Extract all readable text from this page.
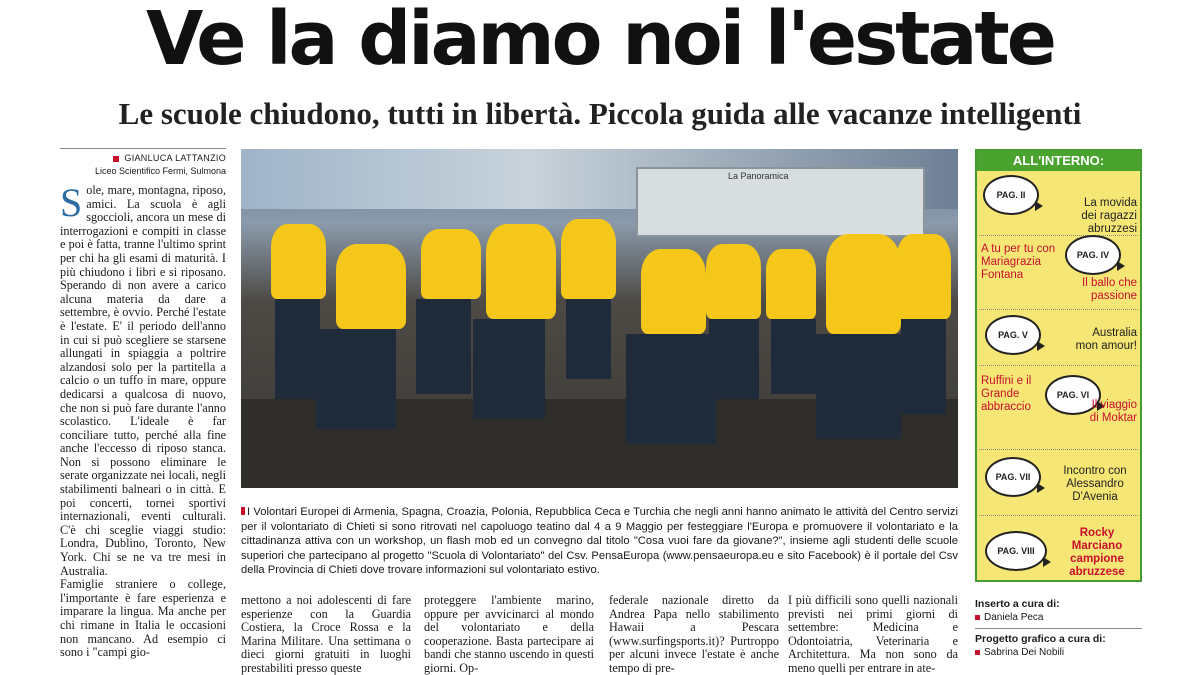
Ve la diamo noi l'estate
Le scuole chiudono, tutti in libertà. Piccola guida alle vacanze intelligenti
GIANLUCA LATTANZIO
Liceo Scientifico Fermi, Sulmona
S ole, mare, montagna, riposo, amici. La scuola è agli sgoccioli, ancora un mese di interrogazioni e compiti in classe e poi è fatta, tranne l'ultimo sprint per chi ha gli esami di maturità. I più chiudono i libri e si riposano. Sperando di non avere a carico alcuna materia da dare a settembre, è ovvio. Perché l'estate è l'estate. E' il periodo dell'anno in cui si può scegliere se starsene allungati in spiaggia a poltrire alzandosi solo per la partitella a calcio o un tuffo in mare, oppure dedicarsi a qualcosa di nuovo, che non si può fare durante l'anno scolastico. L'ideale è far conciliare tutto, perché alla fine anche l'eccesso di riposo stanca. Non si possono eliminare le serate organizzate nei locali, negli stabilimenti balneari o in città. E poi concerti, tornei sportivi internazionali, eventi culturali. C'è chi sceglie viaggi studio: Londra, Dublino, Toronto, New York. Chi se ne va tre mesi in Australia.

Famiglie straniere o college, l'importante è fare esperienza e imparare la lingua. Ma anche per chi rimane in Italia le occasioni non mancano. Ad esempio ci sono i "campi gio-

La Panoramica
I Volontari Europei di Armenia, Spagna, Croazia, Polonia, Repubblica Ceca e Turchia che negli anni hanno animato le attività del Centro servizi per il volontariato di Chieti si sono ritrovati nel capoluogo teatino dal 4 a 9 Maggio per festeggiare l'Europa e promuovere il volontariato e la cittadinanza attiva con un workshop, un flash mob ed un convegno dal titolo "Cosa vuoi fare da giovane?", insieme agli studenti delle scuole superiori che partecipano al progetto "Scuola di Volontariato" del Csv. PensaEuropa (www.pensaeuropa.eu e sito Facebook) è il portale del Csv della Provincia di Chieti dove trovare informazioni sul volontariato estivo.
mettono a noi adolescenti di fare esperienze con la Guardia Costiera, la Croce Rossa e la Marina Militare. Una settimana o dieci giorni gratuiti in luoghi prestabiliti presso queste
proteggere l'ambiente marino, oppure per avvicinarci al mondo del volontariato e della cooperazione. Basta partecipare ai bandi che stanno uscendo in questi giorni. Op-
federale nazionale diretto da Andrea Papa nello stabilimento Hawaii a Pescara (www.surfingsports.it)? Purtroppo per alcuni invece l'estate è anche tempo di pre-
I più difficili sono quelli nazionali previsti nei primi giorni di settembre: Medicina e Odontoiatria, Veterinaria e Architettura. Ma non sono da meno quelli per entrare in ate-
ALL'INTERNO:
PAG. II
La movida
dei ragazzi abruzzesi
A tu per tu con Mariagrazia Fontana
PAG. IV
Il ballo che passione
PAG. V	Australia
mon amour!
Ruffini e il Grande abbraccio
PAG. VI
Il viaggio di Moktar
PAG. VII	Incontro con Alessandro D'Avenia
PAG. VIII
Rocky Marciano campione abruzzese
Inserto a cura di:
Daniela Peca
Progetto grafico a cura di:
Sabrina Dei Nobili
